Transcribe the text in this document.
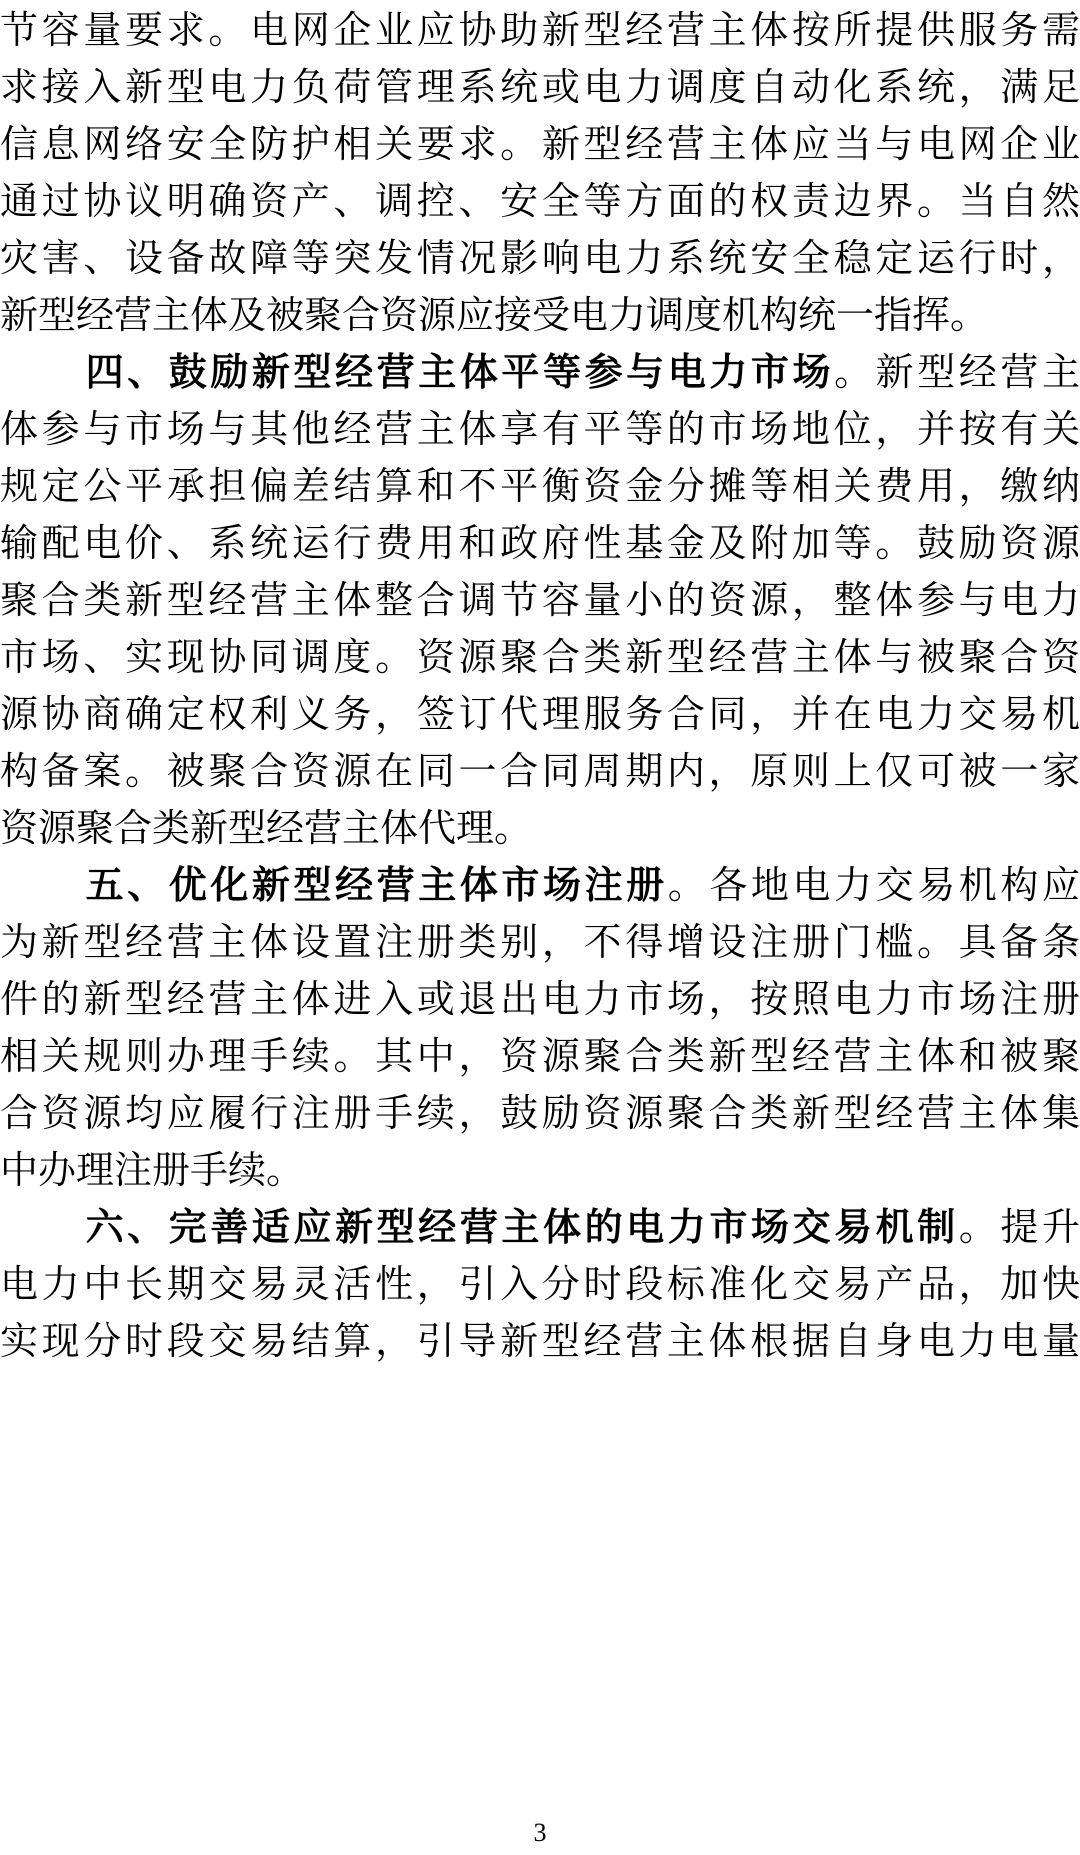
节容量要求。电网企业应协助新型经营主体按所提供服务需
求接入新型电力负荷管理系统或电力调度自动化系统，满足
信息网络安全防护相关要求。新型经营主体应当与电网企业
通过协议明确资产、调控、安全等方面的权责边界。当自然
灾害、设备故障等突发情况影响电力系统安全稳定运行时，
新型经营主体及被聚合资源应接受电力调度机构统一指挥。
四、鼓励新型经营主体平等参与电力市场。新型经营主
体参与市场与其他经营主体享有平等的市场地位，并按有关
规定公平承担偏差结算和不平衡资金分摊等相关费用，缴纳
输配电价、系统运行费用和政府性基金及附加等。鼓励资源
聚合类新型经营主体整合调节容量小的资源，整体参与电力
市场、实现协同调度。资源聚合类新型经营主体与被聚合资
源协商确定权利义务，签订代理服务合同，并在电力交易机
构备案。被聚合资源在同一合同周期内，原则上仅可被一家
资源聚合类新型经营主体代理。
五、优化新型经营主体市场注册。各地电力交易机构应
为新型经营主体设置注册类别，不得增设注册门槛。具备条
件的新型经营主体进入或退出电力市场，按照电力市场注册
相关规则办理手续。其中，资源聚合类新型经营主体和被聚
合资源均应履行注册手续，鼓励资源聚合类新型经营主体集
中办理注册手续。
六、完善适应新型经营主体的电力市场交易机制。提升
电力中长期交易灵活性，引入分时段标准化交易产品，加快
实现分时段交易结算，引导新型经营主体根据自身电力电量
3
